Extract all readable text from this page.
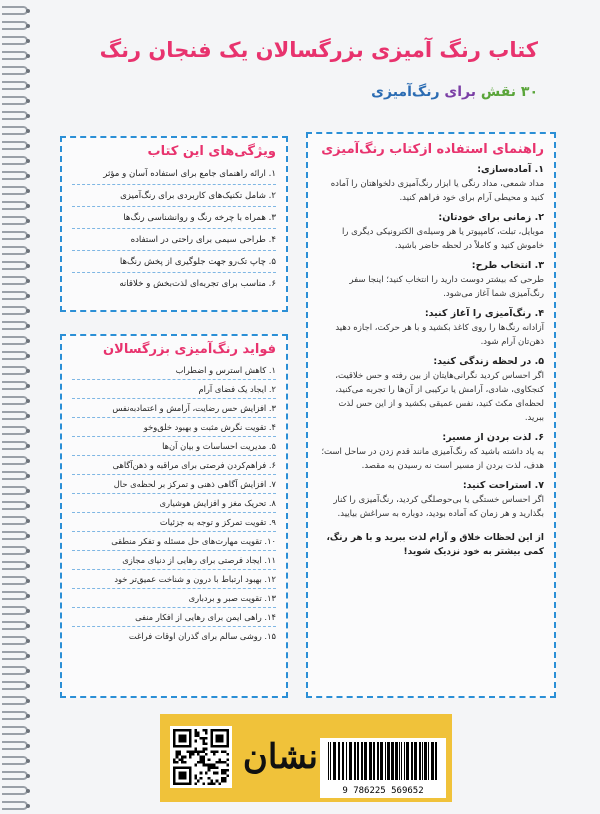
کتاب رنگ آمیزی بزرگسالان یک فنجان رنگ
۳۰ نقش برای رنگ‌آمیزی
راهنمای استفاده ازکتاب رنگ‌آمیزی
۱. آماده‌سازی:
مداد شمعی، مداد رنگی یا ابزار رنگ‌آمیزی دلخواهتان را آماده کنید و محیطی آرام برای خود فراهم کنید.
۲. زمانی برای خودتان:
موبایل، تبلت، کامپیوتر یا هر وسیله‌ی الکترونیکی دیگری را خاموش کنید و کاملاً در لحظه حاضر باشید.
۳. انتخاب طرح:
طرحی که بیشتر دوست دارید را انتخاب کنید؛ اینجا سفر رنگ‌آمیزی شما آغاز می‌شود.
۴. رنگ‌آمیزی را آغاز کنید:
آزادانه رنگ‌ها را روی کاغذ بکشید و با هر حرکت، اجازه دهید ذهن‌تان آرام شود.
۵. در لحظه زندگی کنید:
اگر احساس کردید نگرانی‌هایتان از بین رفته و حس خلاقیت، کنجکاوی، شادی، آرامش یا ترکیبی از آن‌ها را تجربه می‌کنید، لحظه‌ای مکث کنید، نفس عمیقی بکشید و از این حس لذت ببرید.
۶. لذت بردن از مسیر:
به یاد داشته باشید که رنگ‌آمیزی مانند قدم زدن در ساحل است؛ هدف، لذت بردن از مسیر است نه رسیدن به مقصد.
۷. استراحت کنید:
اگر احساس خستگی یا بی‌حوصلگی کردید، رنگ‌آمیزی را کنار بگذارید و هر زمان که آماده بودید، دوباره به سراغش بیایید.
از این لحظات خلاق و آرام لذت ببرید و با هر رنگ، کمی بیشتر به خود نزدیک شوید!
ویژگی‌های این کتاب
۱. ارائه راهنمای جامع برای استفاده آسان و مؤثر
۲. شامل تکنیک‌های کاربردی برای رنگ‌آمیزی
۳. همراه با چرخه رنگ و روانشناسی رنگ‌ها
۴. طراحی سیمی برای راحتی در استفاده
۵. چاپ تک‌رو جهت جلوگیری از پخش رنگ‌ها
۶. مناسب برای تجربه‌ای لذت‌بخش و خلاقانه
فواید رنگ‌آمیزی بزرگسالان
۱. کاهش استرس و اضطراب
۲. ایجاد یک فضای آرام
۳. افزایش حس رضایت، آرامش و اعتماد‌به‌نفس
۴. تقویت نگرش مثبت و بهبود خلق‌وخو
۵. مدیریت احساسات و بیان آن‌ها
۶. فراهم‌کردن فرصتی برای مراقبه و ذهن‌آگاهی
۷. افزایش آگاهی ذهنی و تمرکز بر لحظه‌ی حال
۸. تحریک مغز و افزایش هوشیاری
۹. تقویت تمرکز و توجه به جزئیات
۱۰. تقویت مهارت‌های حل مسئله و تفکر منطقی
۱۱. ایجاد فرصتی برای رهایی از دنیای مجازی
۱۲. بهبود ارتباط با درون و شناخت عمیق‌تر خود
۱۳. تقویت صبر و بردباری
۱۴. راهی ایمن برای رهایی از افکار منفی
۱۵. روشی سالم برای گذران اوقات فراغت
نشان
9 786225 569652
